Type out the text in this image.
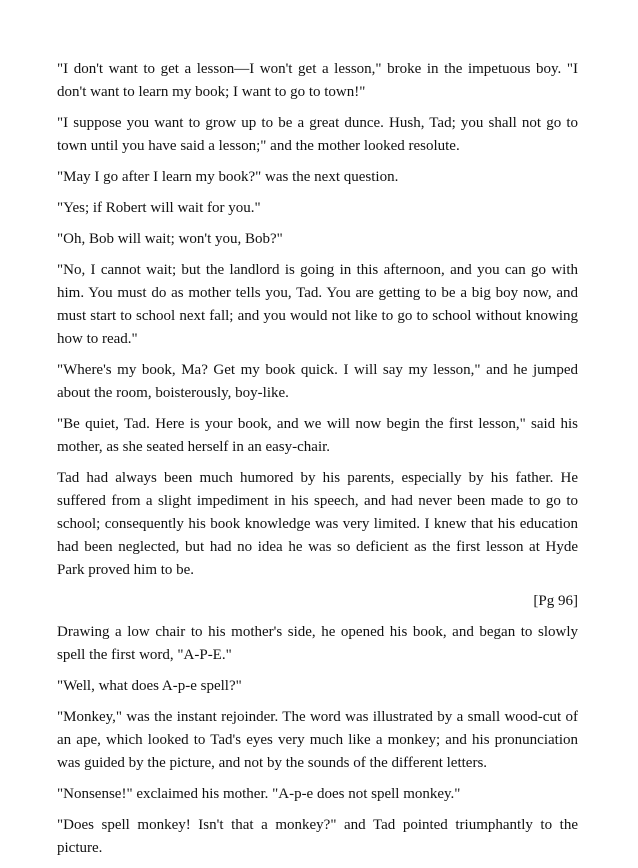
"I don't want to get a lesson—I won't get a lesson," broke in the impetuous boy. "I don't want to learn my book; I want to go to town!"

"I suppose you want to grow up to be a great dunce. Hush, Tad; you shall not go to town until you have said a lesson;" and the mother looked resolute.

"May I go after I learn my book?" was the next question.

"Yes; if Robert will wait for you."

"Oh, Bob will wait; won't you, Bob?"

"No, I cannot wait; but the landlord is going in this afternoon, and you can go with him. You must do as mother tells you, Tad. You are getting to be a big boy now, and must start to school next fall; and you would not like to go to school without knowing how to read."

"Where's my book, Ma? Get my book quick. I will say my lesson," and he jumped about the room, boisterously, boy-like.

"Be quiet, Tad. Here is your book, and we will now begin the first lesson," said his mother, as she seated herself in an easy-chair.

Tad had always been much humored by his parents, especially by his father. He suffered from a slight impediment in his speech, and had never been made to go to school; consequently his book knowledge was very limited. I knew that his education had been neglected, but had no idea he was so deficient as the first lesson at Hyde Park proved him to be.

[Pg 96]

Drawing a low chair to his mother's side, he opened his book, and began to slowly spell the first word, "A-P-E."

"Well, what does A-p-e spell?"

"Monkey," was the instant rejoinder. The word was illustrated by a small wood-cut of an ape, which looked to Tad's eyes very much like a monkey; and his pronunciation was guided by the picture, and not by the sounds of the different letters.

"Nonsense!" exclaimed his mother. "A-p-e does not spell monkey."

"Does spell monkey! Isn't that a monkey?" and Tad pointed triumphantly to the picture.
